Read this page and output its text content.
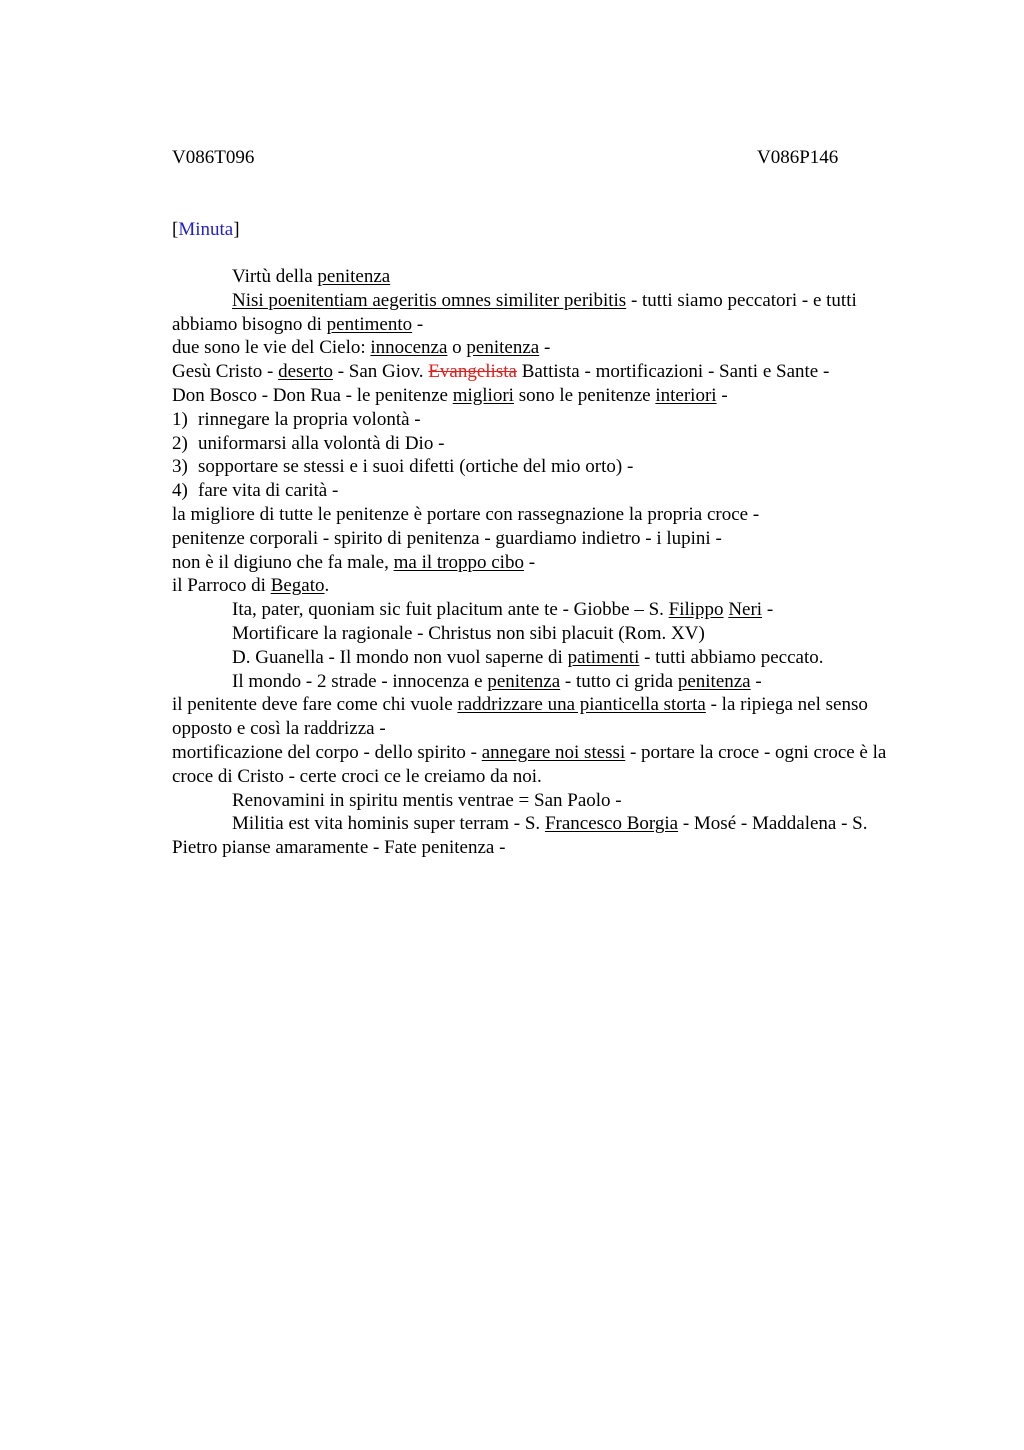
V086T096	V086P146
[Minuta]

Virtù della penitenza

Nisi poenitentiam aegeritis omnes similiter peribitis - tutti siamo peccatori - e tutti abbiamo bisogno di pentimento -

due sono le vie del Cielo: innocenza o penitenza -

Gesù Cristo - deserto - San Giov. Evangelista Battista - mortificazioni - Santi e Sante -

Don Bosco - Don Rua - le penitenze migliori sono le penitenze interiori -

1) rinnegare la propria volontà -

2) uniformarsi alla volontà di Dio -

3) sopportare se stessi e i suoi difetti (ortiche del mio orto) -

4) fare vita di carità -

la migliore di tutte le penitenze è portare con rassegnazione la propria croce -

penitenze corporali - spirito di penitenza - guardiamo indietro - i lupini -

non è il digiuno che fa male, ma il troppo cibo -

il Parroco di Begato.

Ita, pater, quoniam sic fuit placitum ante te - Giobbe – S. Filippo Neri -

Mortificare la ragionale - Christus non sibi placuit (Rom. XV)

D. Guanella - Il mondo non vuol saperne di patimenti - tutti abbiamo peccato.

Il mondo - 2 strade - innocenza e penitenza - tutto ci grida penitenza -

il penitente deve fare come chi vuole raddrizzare una pianticella storta - la ripiega nel senso opposto e così la raddrizza -

mortificazione del corpo - dello spirito - annegare noi stessi - portare la croce - ogni croce è la croce di Cristo - certe croci ce le creiamo da noi.

Renovamini in spiritu mentis ventrae = San Paolo -

Militia est vita hominis super terram - S. Francesco Borgia - Mosé - Maddalena - S. Pietro pianse amaramente - Fate penitenza -
